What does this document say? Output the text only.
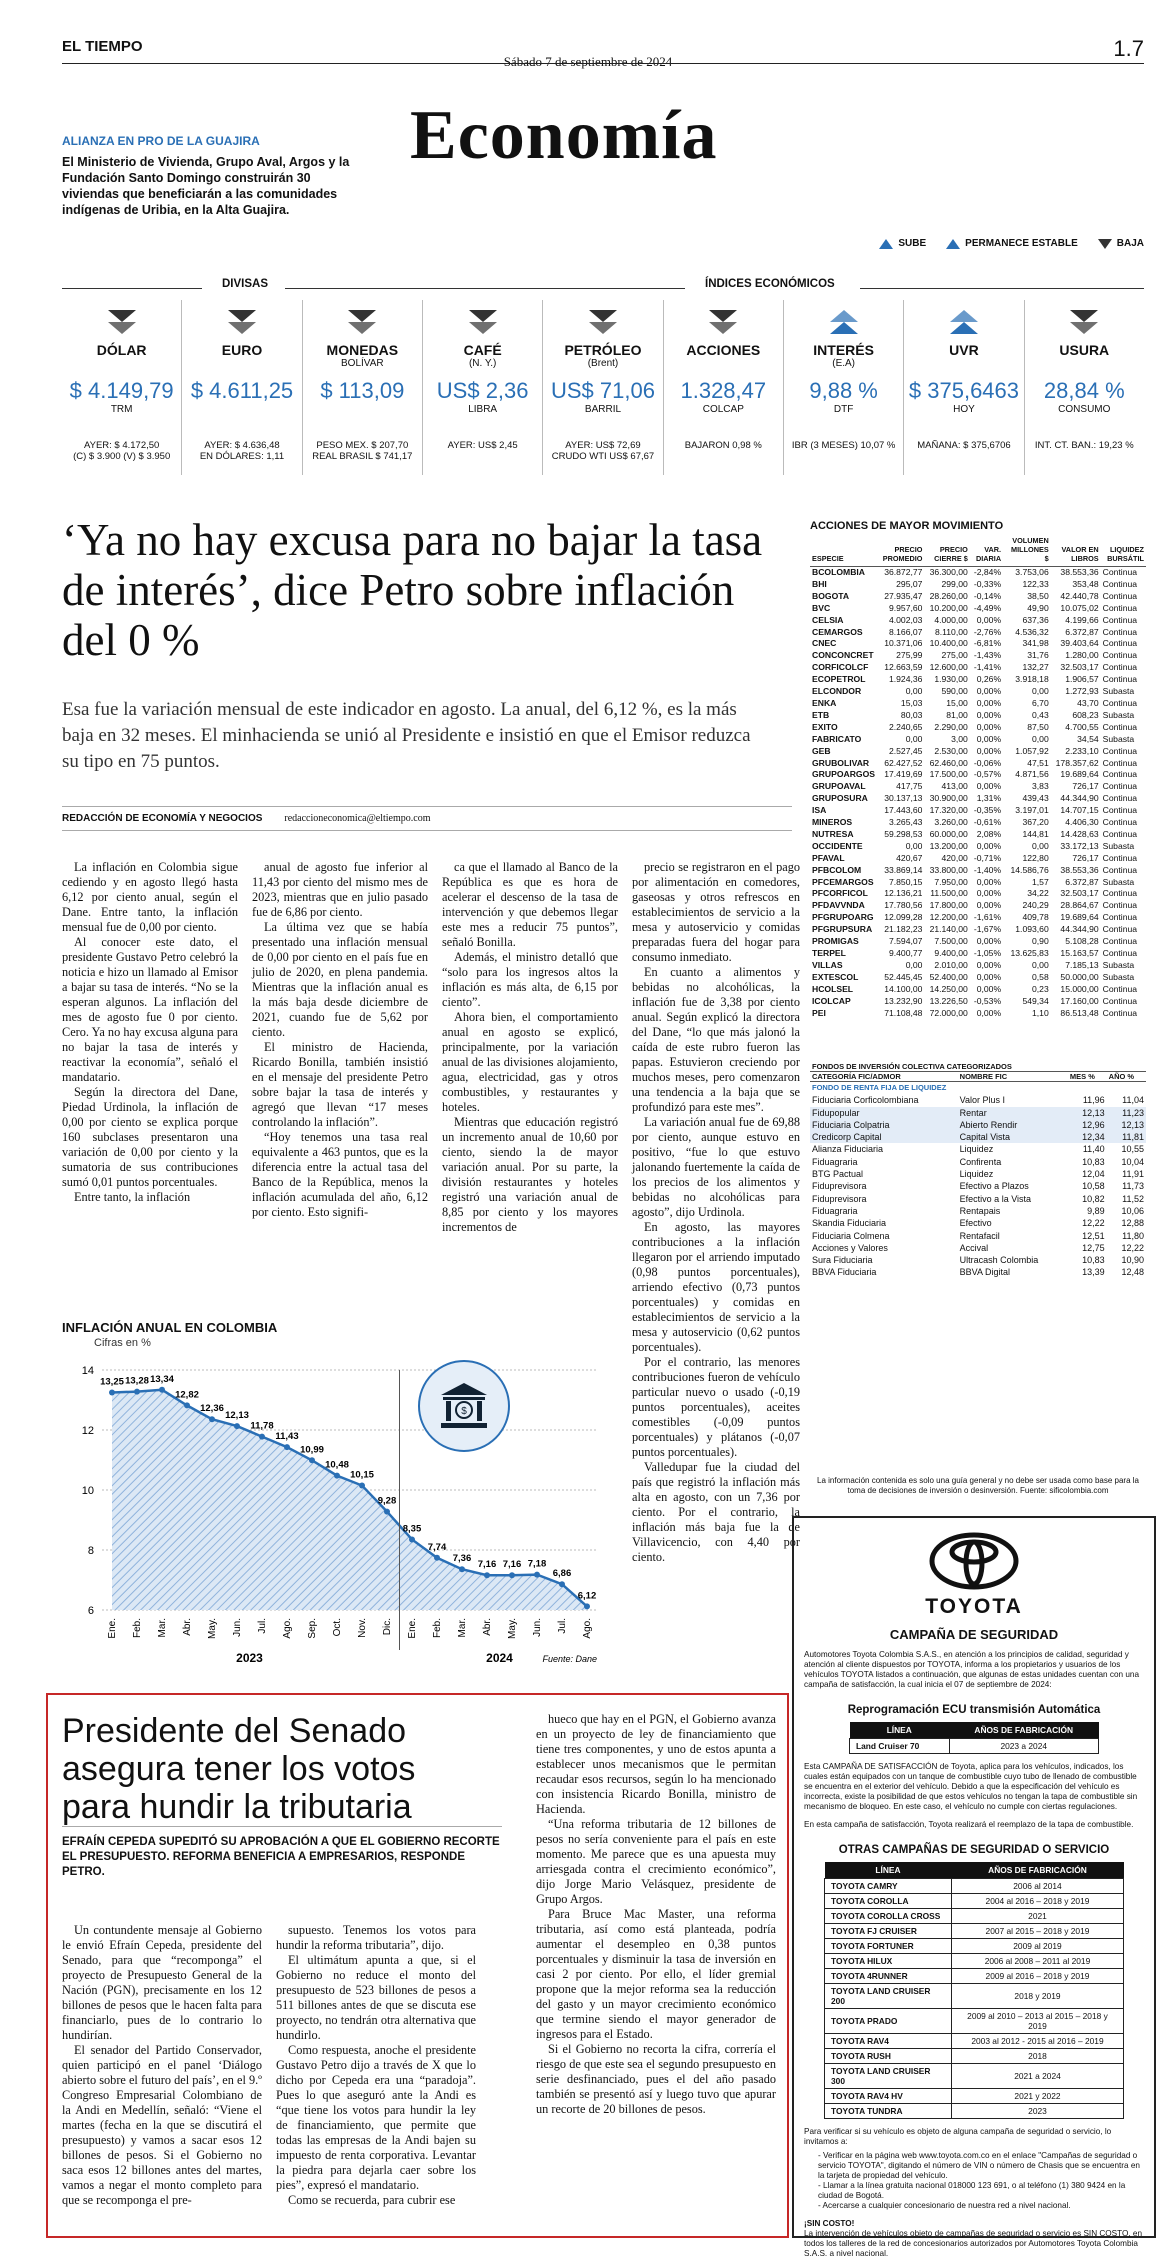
EL TIEMPO
Sábado 7 de septiembre de 2024
1.7
Economía
ALIANZA EN PRO DE LA GUAJIRA
El Ministerio de Vivienda, Grupo Aval, Argos y la Fundación Santo Domingo construirán 30 viviendas que beneficiarán a las comunidades indígenas de Uribia, en la Alta Guajira.
SUBE	PERMANECE ESTABLE	BAJA
DIVISAS	ÍNDICES ECONÓMICOS
DÓLAR
$ 4.149,79
TRM
AYER: $ 4.172,50
(C) $ 3.900 (V) $ 3.950
EURO
$ 4.611,25
AYER: $ 4.636,48
EN DÓLARES: 1,11
MONEDAS
BOLÍVAR
$ 113,09
PESO MEX. $ 207,70
REAL BRASIL $ 741,17
CAFÉ
(N. Y.)
US$ 2,36
LIBRA
AYER: US$ 2,45
PETRÓLEO
(Brent)
US$ 71,06
BARRIL
AYER: US$ 72,69
CRUDO WTI US$ 67,67
ACCIONES
1.328,47
COLCAP
BAJARON 0,98 %
INTERÉS
(E.A)
9,88 %
DTF
IBR (3 MESES) 10,07 %
UVR
$ 375,6463
HOY
MAÑANA: $ 375,6706
USURA
28,84 %
CONSUMO
INT. CT. BAN.: 19,23 %
‘Ya no hay excusa para no bajar la tasa de interés’, dice Petro sobre inflación del 0 %
Esa fue la variación mensual de este indicador en agosto. La anual, del 6,12 %, es la más baja en 32 meses. El minhacienda se unió al Presidente e insistió en que el Emisor reduzca su tipo en 75 puntos.
REDACCIÓN DE ECONOMÍA Y NEGOCIOS redaccioneconomica@eltiempo.com

La inflación en Colombia sigue cediendo y en agosto llegó hasta 6,12 por ciento anual, según el Dane. Entre tanto, la inflación mensual fue de 0,00 por ciento.

Al conocer este dato, el presidente Gustavo Petro celebró la noticia e hizo un llamado al Emisor a bajar su tasa de interés. “No se la esperan algunos. La inflación del mes de agosto fue 0 por ciento. Cero. Ya no hay excusa alguna para no bajar la tasa de interés y reactivar la economía”, señaló el mandatario.

Según la directora del Dane, Piedad Urdinola, la inflación de 0,00 por ciento se explica porque 160 subclases presentaron una variación de 0,00 por ciento y la sumatoria de sus contribuciones sumó 0,01 puntos porcentuales.

Entre tanto, la inflación

anual de agosto fue inferior al 11,43 por ciento del mismo mes de 2023, mientras que en julio pasado fue de 6,86 por ciento.

La última vez que se había presentado una inflación mensual de 0,00 por ciento en el país fue en julio de 2020, en plena pandemia. Mientras que la inflación anual es la más baja desde diciembre de 2021, cuando fue de 5,62 por ciento.

El ministro de Hacienda, Ricardo Bonilla, también insistió en el mensaje del presidente Petro sobre bajar la tasa de interés y agregó que llevan “17 meses controlando la inflación”.

“Hoy tenemos una tasa real equivalente a 463 puntos, que es la diferencia entre la actual tasa del Banco de la República, menos la inflación acumulada del año, 6,12 por ciento. Esto signifi-

ca que el llamado al Banco de la República es que es hora de acelerar el descenso de la tasa de intervención y que debemos llegar este mes a reducir 75 puntos”, señaló Bonilla.

Además, el ministro detalló que “solo para los ingresos altos la inflación es más alta, de 6,15 por ciento”.

Ahora bien, el comportamiento anual en agosto se explicó, principalmente, por la variación anual de las divisiones alojamiento, agua, electricidad, gas y otros combustibles, y restaurantes y hoteles.

Mientras que educación registró un incremento anual de 10,60 por ciento, siendo la de mayor variación anual. Por su parte, la división restaurantes y hoteles registró una variación anual de 8,85 por ciento y los mayores incrementos de

precio se registraron en el pago por alimentación en comedores, gaseosas y otros refrescos en establecimientos de servicio a la mesa y autoservicio y comidas preparadas fuera del hogar para consumo inmediato.

En cuanto a alimentos y bebidas no alcohólicas, la inflación fue de 3,38 por ciento anual. Según explicó la directora del Dane, “lo que más jalonó la caída de este rubro fueron las papas. Estuvieron creciendo por muchos meses, pero comenzaron una tendencia a la baja que se profundizó para este mes”.

La variación anual fue de 69,88 por ciento, aunque estuvo en positivo, “fue lo que estuvo jalonando fuertemente la caída de los precios de los alimentos y bebidas no alcohólicas para agosto”, dijo Urdinola.

En agosto, las mayores contribuciones a la inflación llegaron por el arriendo imputado (0,98 puntos porcentuales), arriendo efectivo (0,73 puntos porcentuales) y comidas en establecimientos de servicio a la mesa y autoservicio (0,62 puntos porcentuales).

Por el contrario, las menores contribuciones fueron de vehículo particular nuevo o usado (-0,19 puntos porcentuales), aceites comestibles (-0,09 puntos porcentuales) y plátanos (-0,07 puntos porcentuales).

Valledupar fue la ciudad del país que registró la inflación más alta en agosto, con un 7,36 por ciento. Por el contrario, la inflación más baja fue la de Villavicencio, con 4,40 por ciento.

INFLACIÓN ANUAL EN COLOMBIA
Cifras en %
6
8
10
12
14
13,25
Ene.
13,28
Feb.
13,34
Mar.
12,82
Abr.
12,36
May.
12,13
Jun.
11,78
Jul.
11,43
Ago.
10,99
Sep.
10,48
Oct.
10,15
Nov.
9,28
Dic.
8,35
Ene.
7,74
Feb.
7,36
Mar.
7,16
Abr.
7,16
May.
7,18
Jun.
6,86
Jul.
6,12
Ago.
2023	2024	Fuente: Dane
$
Presidente del Senado asegura tener los votos para hundir la tributaria
EFRAÍN CEPEDA SUPEDITÓ SU APROBACIÓN A QUE EL GOBIERNO RECORTE EL PRESUPUESTO. REFORMA BENEFICIA A EMPRESARIOS, RESPONDE PETRO.

Un contundente mensaje al Gobierno le envió Efraín Cepeda, presidente del Senado, para que “recomponga” el proyecto de Presupuesto General de la Nación (PGN), precisamente en los 12 billones de pesos que le hacen falta para financiarlo, pues de lo contrario lo hundirían.

El senador del Partido Conservador, quien participó en el panel ‘Diálogo abierto sobre el futuro del país’, en el 9.º Congreso Empresarial Colombiano de la Andi en Medellín, señaló: “Viene el martes (fecha en la que se discutirá el presupuesto) y vamos a sacar esos 12 billones de pesos. Si el Gobierno no saca esos 12 billones antes del martes, vamos a negar el monto completo para que se recomponga el pre-

supuesto. Tenemos los votos para hundir la reforma tributaria”, dijo.

El ultimátum apunta a que, si el Gobierno no reduce el monto del presupuesto de 523 billones de pesos a 511 billones antes de que se discuta ese proyecto, no tendrán otra alternativa que hundirlo.

Como respuesta, anoche el presidente Gustavo Petro dijo a través de X que lo dicho por Cepeda era una “paradoja”. Pues lo que aseguró ante la Andi es “que tiene los votos para hundir la ley de financiamiento, que permite que todas las empresas de la Andi bajen su impuesto de renta corporativa. Levantar la piedra para dejarla caer sobre los pies”, expresó el mandatario.

Como se recuerda, para cubrir ese

hueco que hay en el PGN, el Gobierno avanza en un proyecto de ley de financiamiento que tiene tres componentes, y uno de estos apunta a establecer unos mecanismos que le permitan recaudar esos recursos, según lo ha mencionado con insistencia Ricardo Bonilla, ministro de Hacienda.

“Una reforma tributaria de 12 billones de pesos no sería conveniente para el país en este momento. Me parece que es una apuesta muy arriesgada contra el crecimiento económico”, dijo Jorge Mario Velásquez, presidente de Grupo Argos.

Para Bruce Mac Master, una reforma tributaria, así como está planteada, podría aumentar el desempleo en 0,38 puntos porcentuales y disminuir la tasa de inversión en casi 2 por ciento. Por ello, el líder gremial propone que la mejor reforma sea la reducción del gasto y un mayor crecimiento económico que termine siendo el mayor generador de ingresos para el Estado.

Si el Gobierno no recorta la cifra, correría el riesgo de que este sea el segundo presupuesto en serie desfinanciado, pues el del año pasado también se presentó así y luego tuvo que apurar un recorte de 20 billones de pesos.

ACCIONES DE MAYOR MOVIMIENTO
ESPECIE	PRECIO PROMEDIO	PRECIO CIERRE $	VAR. DIARIA	VOLUMEN MILLONES $	VALOR EN LIBROS	LIQUIDEZ BURSÁTIL
BCOLOMBIA	36.872,77	36.300,00	-2,84%	3.753,06	38.553,36	Continua
BHI	295,07	299,00	-0,33%	122,33	353,48	Continua
BOGOTA	27.935,47	28.260,00	-0,14%	38,50	42.440,78	Continua
BVC	9.957,60	10.200,00	-4,49%	49,90	10.075,02	Continua
CELSIA	4.002,03	4.000,00	0,00%	637,36	4.199,66	Continua
CEMARGOS	8.166,07	8.110,00	-2,76%	4.536,32	6.372,87	Continua
CNEC	10.371,06	10.400,00	-6,81%	341,98	39.403,64	Continua
CONCONCRET	275,99	275,00	-1,43%	31,76	1.280,00	Continua
CORFICOLCF	12.663,59	12.600,00	-1,41%	132,27	32.503,17	Continua
ECOPETROL	1.924,36	1.930,00	0,26%	3.918,18	1.906,57	Continua
ELCONDOR	0,00	590,00	0,00%	0,00	1.272,93	Subasta
ENKA	15,03	15,00	0,00%	6,70	43,70	Continua
ETB	80,03	81,00	0,00%	0,43	608,23	Subasta
EXITO	2.240,65	2.290,00	0,00%	87,50	4.700,55	Continua
FABRICATO	0,00	3,00	0,00%	0,00	34,54	Subasta
GEB	2.527,45	2.530,00	0,00%	1.057,92	2.233,10	Continua
GRUBOLIVAR	62.427,52	62.460,00	-0,06%	47,51	178.357,62	Continua
GRUPOARGOS	17.419,69	17.500,00	-0,57%	4.871,56	19.689,64	Continua
GRUPOAVAL	417,75	413,00	0,00%	3,83	726,17	Continua
GRUPOSURA	30.137,13	30.900,00	1,31%	439,43	44.344,90	Continua
ISA	17.443,60	17.320,00	-0,35%	3.197,01	14.707,15	Continua
MINEROS	3.265,43	3.260,00	-0,61%	367,20	4.406,30	Continua
NUTRESA	59.298,53	60.000,00	2,08%	144,81	14.428,63	Continua
OCCIDENTE	0,00	13.200,00	0,00%	0,00	33.172,13	Subasta
PFAVAL	420,67	420,00	-0,71%	122,80	726,17	Continua
PFBCOLOM	33.869,14	33.800,00	-1,40%	14.586,76	38.553,36	Continua
PFCEMARGOS	7.850,15	7.950,00	0,00%	1,57	6.372,87	Subasta
PFCORFICOL	12.136,21	11.500,00	0,00%	34,22	32.503,17	Continua
PFDAVVNDA	17.780,56	17.800,00	0,00%	240,29	28.864,67	Continua
PFGRUPOARG	12.099,28	12.200,00	-1,61%	409,78	19.689,64	Continua
PFGRUPSURA	21.182,23	21.140,00	-1,67%	1.093,60	44.344,90	Continua
PROMIGAS	7.594,07	7.500,00	0,00%	0,90	5.108,28	Continua
TERPEL	9.400,77	9.400,00	-1,05%	13.625,83	15.163,57	Continua
VILLAS	0,00	2.010,00	0,00%	0,00	7.185,13	Subasta
EXTESCOL	52.445,45	52.400,00	0,00%	0,58	50.000,00	Subasta
HCOLSEL	14.100,00	14.250,00	0,00%	0,23	15.000,00	Continua
ICOLCAP	13.232,90	13.226,50	-0,53%	549,34	17.160,00	Continua
PEI	71.108,48	72.000,00	0,00%	1,10	86.513,48	Continua
FONDOS DE INVERSIÓN COLECTIVA CATEGORIZADOS			
CATEGORÍA FIC/ADMOR	NOMBRE FIC	MES %	AÑO %
FONDO DE RENTA FIJA DE LIQUIDEZ			
Fiduciaria Corficolombiana	Valor Plus I	11,96	11,04
Fidupopular	Rentar	12,13	11,23
Fiduciaria Colpatria	Abierto Rendir	12,96	12,13
Credicorp Capital	Capital Vista	12,34	11,81
Alianza Fiduciaria	Liquidez	11,40	10,55
Fiduagraria	Confirenta	10,83	10,04
BTG Pactual	Liquidez	12,04	11,91
Fiduprevisora	Efectivo a Plazos	10,58	11,73
Fiduprevisora	Efectivo a la Vista	10,82	11,52
Fiduagraria	Rentapais	9,89	10,06
Skandia Fiduciaria	Efectivo	12,22	12,88
Fiduciaria Colmena	Rentafacil	12,51	11,80
Acciones y Valores	Accival	12,75	12,22
Sura Fiduciaria	Ultracash Colombia	10,83	10,90
BBVA Fiduciaria	BBVA Digital	13,39	12,48
La información contenida es solo una guía general y no debe ser usada como base para la toma de decisiones de inversión o desinversión. Fuente: sificolombia.com
TOYOTA
CAMPAÑA DE SEGURIDAD
Automotores Toyota Colombia S.A.S., en atención a los principios de calidad, seguridad y atención al cliente dispuestos por TOYOTA, informa a los propietarios y usuarios de los vehículos TOYOTA listados a continuación, que algunas de estas unidades cuentan con una campaña de satisfacción, la cual inicia el 07 de septiembre de 2024:
Reprogramación ECU transmisión Automática
LÍNEA	AÑOS DE FABRICACIÓN
Land Cruiser 70	2023 a 2024
Esta CAMPAÑA DE SATISFACCIÓN de Toyota, aplica para los vehículos, indicados, los cuales están equipados con un tanque de combustible cuyo tubo de llenado de combustible se encuentra en el exterior del vehículo. Debido a que la especificación del vehículo es incorrecta, existe la posibilidad de que estos vehículos no tengan la tapa de combustible sin mecanismo de bloqueo. En este caso, el vehículo no cumple con ciertas regulaciones.
En esta campaña de satisfacción, Toyota realizará el reemplazo de la tapa de combustible.
OTRAS CAMPAÑAS DE SEGURIDAD O SERVICIO
LÍNEA	AÑOS DE FABRICACIÓN
TOYOTA CAMRY	2006 al 2014
TOYOTA COROLLA	2004 al 2016 – 2018 y 2019
TOYOTA COROLLA CROSS	2021
TOYOTA FJ CRUISER	2007 al 2015 – 2018 y 2019
TOYOTA FORTUNER	2009 al 2019
TOYOTA HILUX	2006 al 2008 – 2011 al 2019
TOYOTA 4RUNNER	2009 al 2016 – 2018 y 2019
TOYOTA LAND CRUISER 200	2018 y 2019
TOYOTA PRADO	2009 al 2010 – 2013 al 2015 – 2018 y 2019
TOYOTA RAV4	2003 al 2012 - 2015 al 2016 – 2019
TOYOTA RUSH	2018
TOYOTA LAND CRUISER 300	2021 a 2024
TOYOTA RAV4 HV	2021 y 2022
TOYOTA TUNDRA	2023
Para verificar si su vehículo es objeto de alguna campaña de seguridad o servicio, lo invitamos a:
- Verificar en la página web www.toyota.com.co en el enlace "Campañas de seguridad o servicio TOYOTA", digitando el número de VIN o número de Chasis que se encuentra en la tarjeta de propiedad del vehículo.
- Llamar a la línea gratuita nacional 018000 123 691, o al teléfono (1) 380 9424 en la ciudad de Bogotá.
- Acercarse a cualquier concesionario de nuestra red a nivel nacional.
¡SIN COSTO!
La intervención de vehículos objeto de campañas de seguridad o servicio es SIN COSTO, en todos los talleres de la red de concesionarios autorizados por Automotores Toyota Colombia S.A.S. a nivel nacional.
